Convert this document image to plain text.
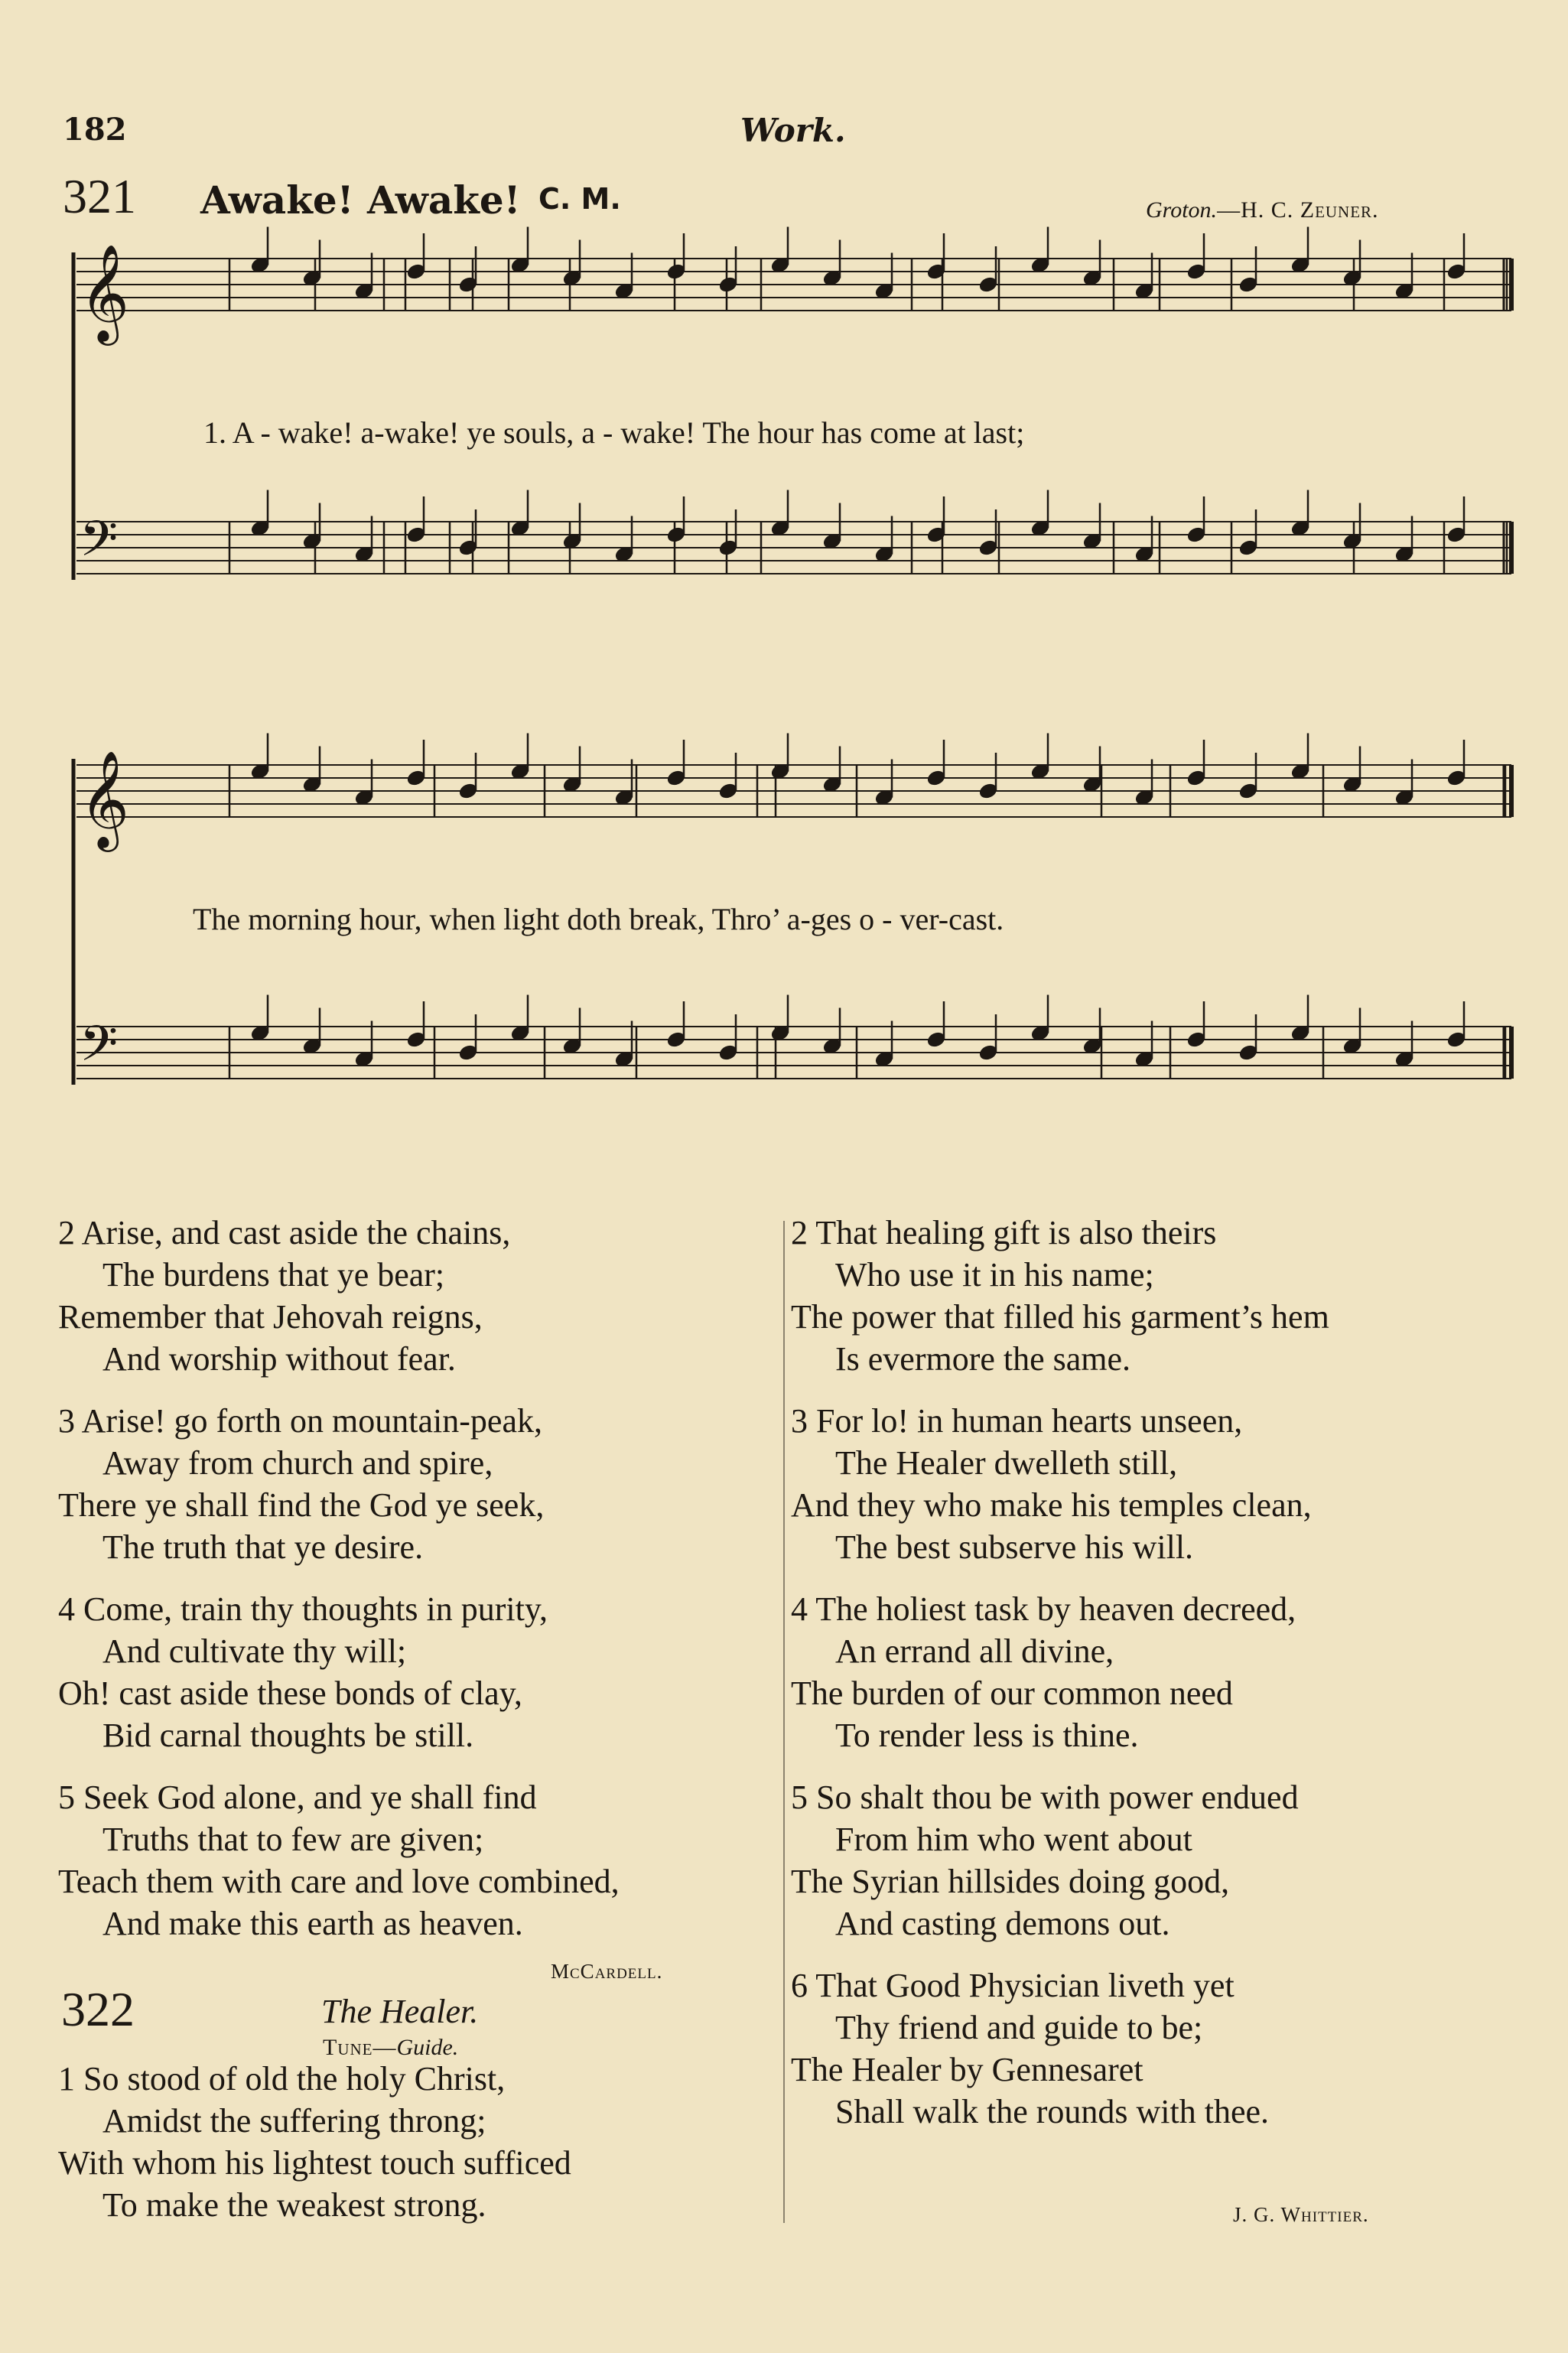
182	Work.
321 Awake! Awake! C. M.	Groton.—H. C. Zeuner.
𝄞
𝄢
𝄞
𝄢
1. A - wake! a-wake! ye souls, a - wake! The hour has come at last;
The morning hour, when light doth break, Thro’ a-ges o - ver-cast.
2 Arise, and cast aside the chains,
The burdens that ye bear;
Remember that Jehovah reigns,
And worship without fear.
3 Arise! go forth on mountain-peak,
Away from church and spire,
There ye shall find the God ye seek,
The truth that ye desire.
4 Come, train thy thoughts in purity,
And cultivate thy will;
Oh! cast aside these bonds of clay,
Bid carnal thoughts be still.
5 Seek God alone, and ye shall find
Truths that to few are given;
Teach them with care and love combined,
And make this earth as heaven.
McCardell.
322	The Healer.
Tune—Guide.
1 So stood of old the holy Christ,
Amidst the suffering throng;
With whom his lightest touch sufficed
To make the weakest strong.
2 That healing gift is also theirs
Who use it in his name;
The power that filled his garment’s hem
Is evermore the same.
3 For lo! in human hearts unseen,
The Healer dwelleth still,
And they who make his temples clean,
The best subserve his will.
4 The holiest task by heaven decreed,
An errand all divine,
The burden of our common need
To render less is thine.
5 So shalt thou be with power endued
From him who went about
The Syrian hillsides doing good,
And casting demons out.
6 That Good Physician liveth yet
Thy friend and guide to be;
The Healer by Gennesaret
Shall walk the rounds with thee.
J. G. Whittier.
